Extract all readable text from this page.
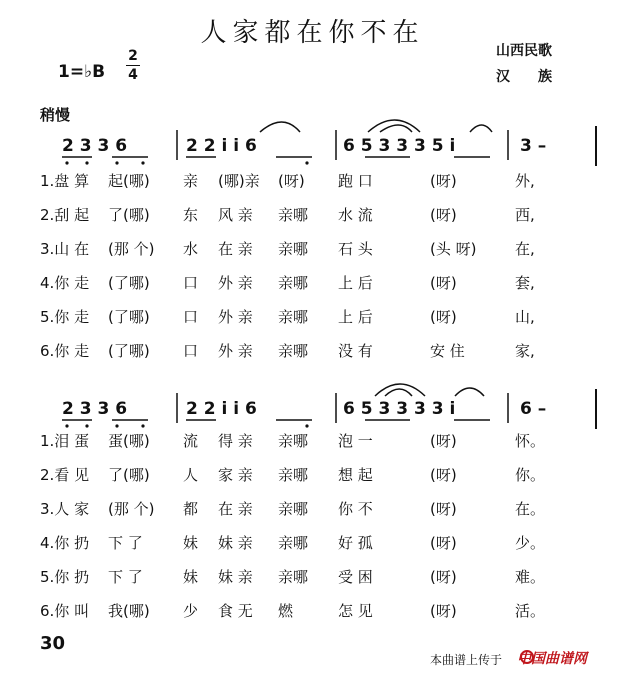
人家都在你不在
山西民歌
汉　　族
1=♭B
2
4
稍慢
2 3 3 6	2 2 i i 6	6 5 3 3 3 5 i	3 –
1.盘 算 起(哪) 亲 (哪)亲 (呀) 跑 口	(呀)	外,
2.刮 起 了(哪) 东 风 亲 亲哪 水 流	(呀)	西,
3.山 在 (那 个) 水 在 亲 亲哪 石 头	(头 呀)	在,
4.你 走 (了哪) 口 外 亲 亲哪 上 后	(呀)	套,
5.你 走 (了哪) 口 外 亲 亲哪 上 后	(呀)	山,
6.你 走 (了哪) 口 外 亲 亲哪 没 有	安 住	家,
2 3 3 6	2 2 i i 6	6 5 3 3 3 3 i	6 –
1.泪 蛋 蛋(哪) 流 得 亲 亲哪 泡 一	(呀)	怀。
2.看 见 了(哪) 人 家 亲 亲哪 想 起	(呀)	你。
3.人 家 (那 个) 都 在 亲 亲哪 你 不	(呀)	在。
4.你 扔 下 了	妹 妹 亲 亲哪 好 孤	(呀)	少。
5.你 扔 下 了	妹 妹 亲 亲哪 受 困	(呀)	难。
6.你 叫 我(哪) 少 食 无 燃	怎 见	(呀)	活。
30
本曲谱上传于 中国曲谱网
